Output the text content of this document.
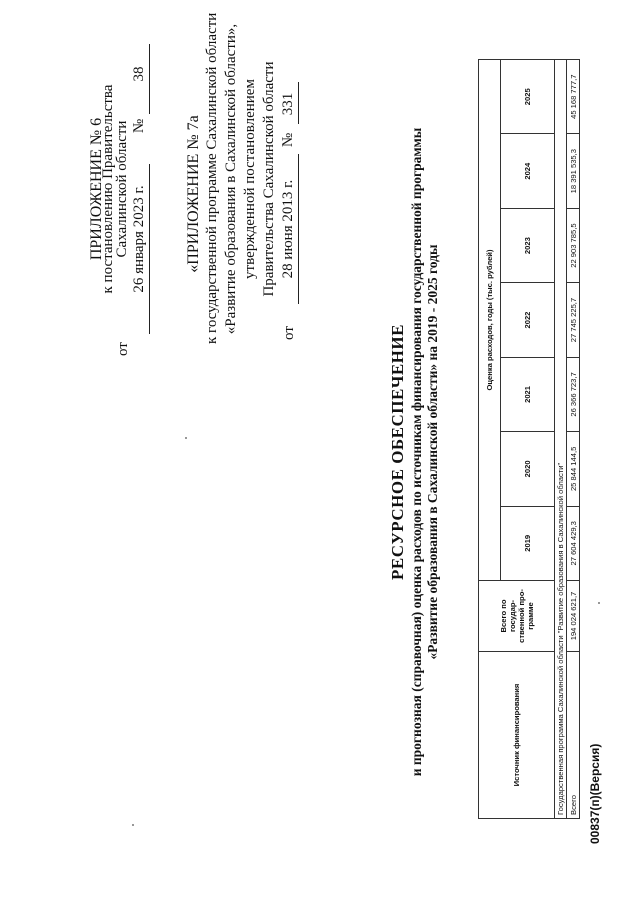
ПРИЛОЖЕНИЕ № 6
к постановлению Правительства
Сахалинской области
от
26 января 2023 г.
№
38
«ПРИЛОЖЕНИЕ № 7а к государственной программе Сахалинской области «Развитие образования в Сахалинской области», утвержденной постановлением Правительства Сахалинской области
от
28 июня 2013 г.
№
331
РЕСУРСНОЕ ОБЕСПЕЧЕНИЕ и прогнозная (справочная) оценка расходов по источникам финансирования государственной программы «Развитие образования в Сахалинской области» на 2019 - 2025 годы
Источник финансирования	Всего по государ-ственной про-грамме	Оценка расходов, годы (тыс. рублей)						
		2019	2020	2021	2022	2023	2024	2025
Государственная программа Сахалинской области "Развитие образования в Сахалинской области"								
Всего	194 024 621,7	27 604 429,3	25 844 144,5	26 366 723,7	27 745 225,7	22 903 785,5	18 391 535,3	45 168 777,7
00837(п)(Версия)
